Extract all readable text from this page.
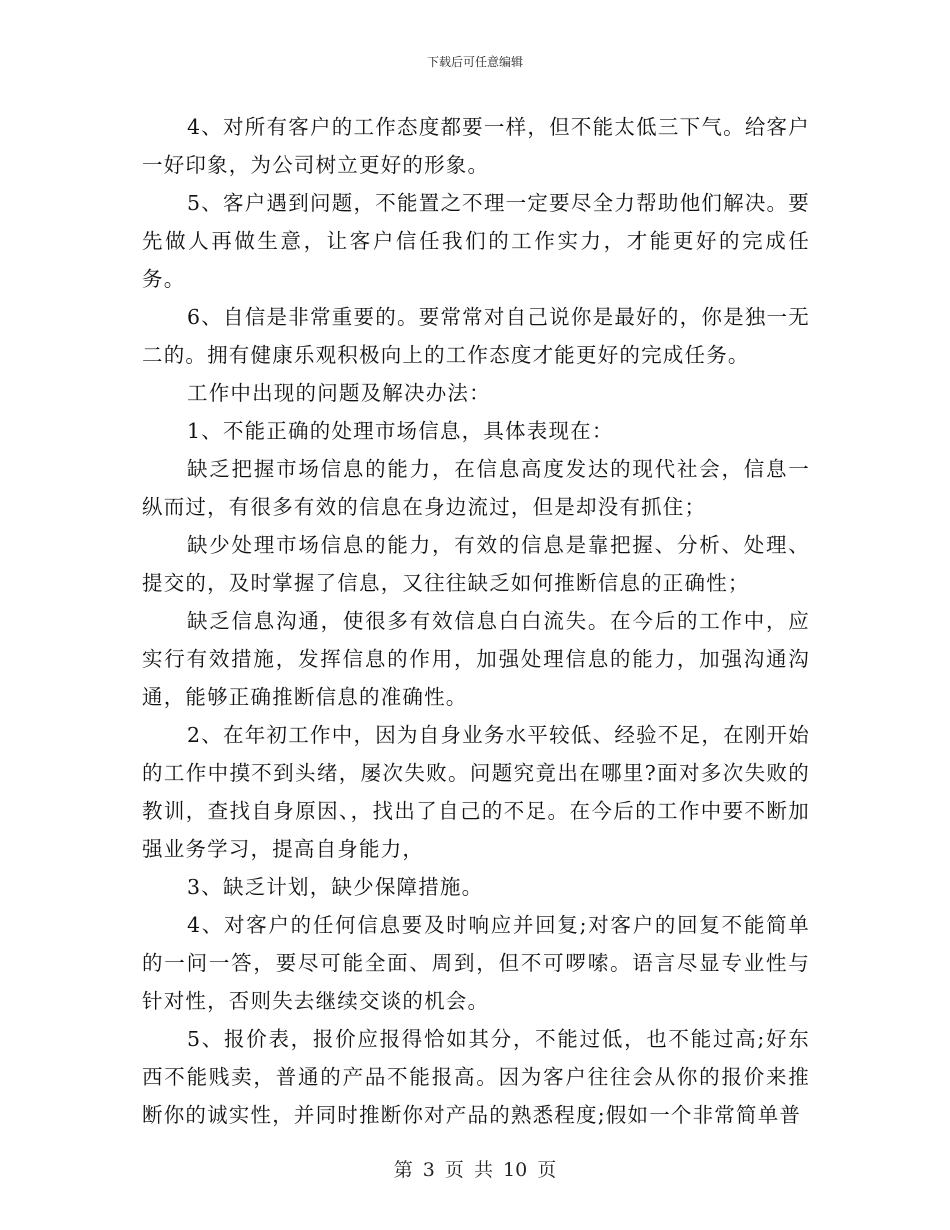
下载后可任意编辑

4、对所有客户的工作态度都要一样，但不能太低三下气。给客户一好印象，为公司树立更好的形象。

5、客户遇到问题，不能置之不理一定要尽全力帮助他们解决。要先做人再做生意，让客户信任我们的工作实力，才能更好的完成任务。

6、自信是非常重要的。要常常对自己说你是最好的，你是独一无二的。拥有健康乐观积极向上的工作态度才能更好的完成任务。

工作中出现的问题及解决办法：

1、不能正确的处理市场信息，具体表现在：

缺乏把握市场信息的能力，在信息高度发达的现代社会，信息一纵而过，有很多有效的信息在身边流过，但是却没有抓住；

缺少处理市场信息的能力，有效的信息是靠把握、分析、处理、提交的，及时掌握了信息，又往往缺乏如何推断信息的正确性；

缺乏信息沟通，使很多有效信息白白流失。在今后的工作中，应实行有效措施，发挥信息的作用，加强处理信息的能力，加强沟通沟通，能够正确推断信息的准确性。

2、在年初工作中，因为自身业务水平较低、经验不足，在刚开始的工作中摸不到头绪，屡次失败。问题究竟出在哪里?面对多次失败的教训，查找自身原因、，找出了自己的不足。在今后的工作中要不断加强业务学习，提高自身能力，

3、缺乏计划，缺少保障措施。

4、对客户的任何信息要及时响应并回复;对客户的回复不能简单的一问一答，要尽可能全面、周到，但不可啰嗦。语言尽显专业性与针对性，否则失去继续交谈的机会。

5、报价表，报价应报得恰如其分，不能过低，也不能过高;好东西不能贱卖，普通的产品不能报高。因为客户往往会从你的报价来推断你的诚实性，并同时推断你对产品的熟悉程度;假如一个非常简单普

第 3 页 共 10 页
